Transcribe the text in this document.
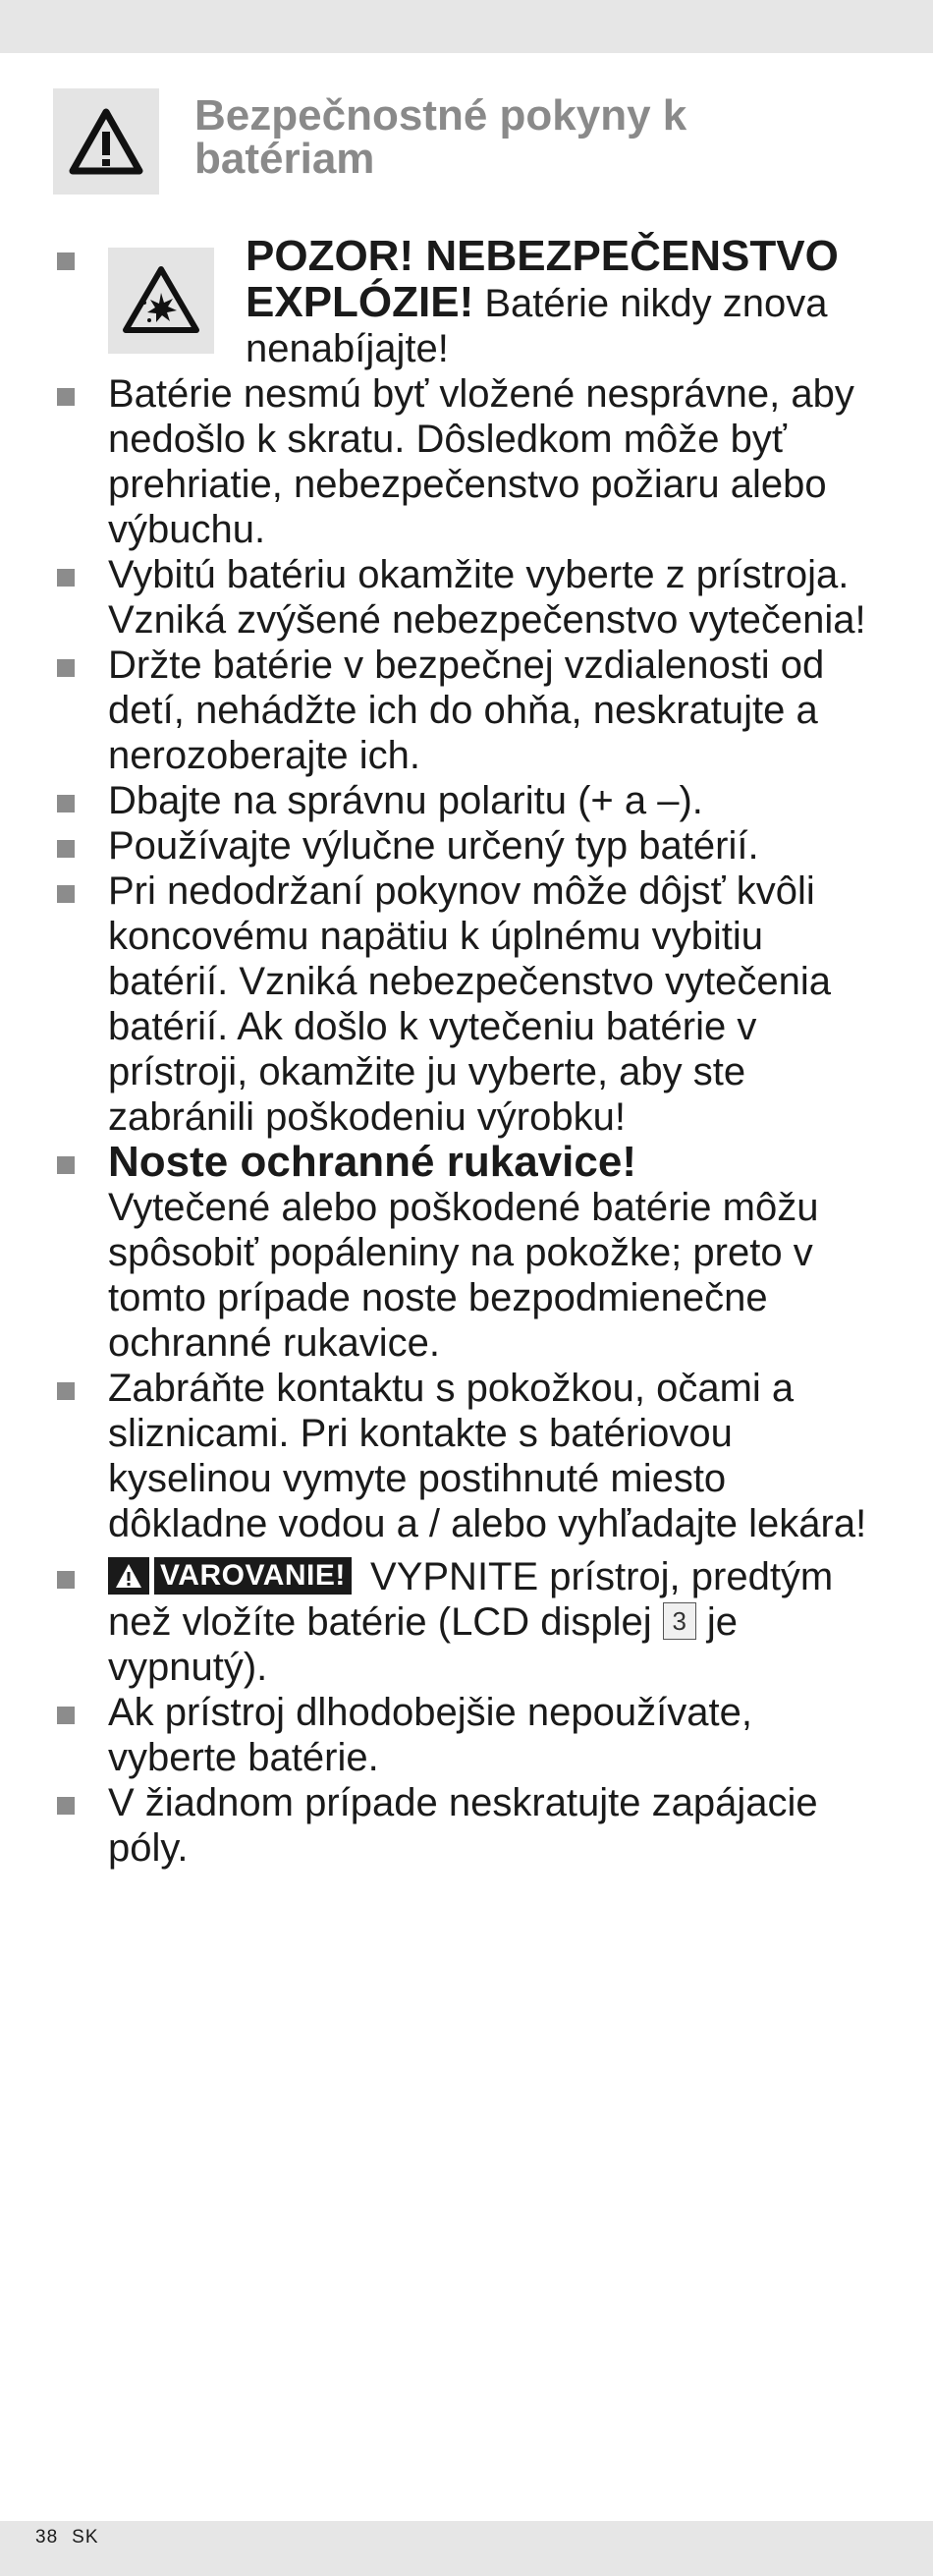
Bezpečnostné pokyny k batériam
POZOR! NEBEZPEČENSTVO EXPLÓZIE! Batérie nikdy znova nenabíjajte!
Batérie nesmú byť vložené nesprávne, aby nedošlo k skratu. Dôsledkom môže byť prehriatie, nebezpečenstvo požiaru alebo výbuchu.
Vybitú batériu okamžite vyberte z prístroja. Vzniká zvýšené nebezpečenstvo vytečenia!
Držte batérie v bezpečnej vzdialenosti od detí, nehádžte ich do ohňa, neskratujte a nerozoberajte ich.
Dbajte na správnu polaritu (+ a –).
Používajte výlučne určený typ batérií.
Pri nedodržaní pokynov môže dôjsť kvôli koncovému napätiu k úplnému vybitiu batérií. Vzniká nebezpečenstvo vytečenia batérií. Ak došlo k vytečeniu batérie v prístroji, okamžite ju vyberte, aby ste zabránili poškodeniu výrobku!
Noste ochranné rukavice!
Vytečené alebo poškodené batérie môžu spôsobiť popáleniny na pokožke; preto v tomto prípade noste bezpodmienečne ochranné rukavice.
Zabráňte kontaktu s pokožkou, očami a sliznicami. Pri kontakte s batériovou kyselinou vymyte postihnuté miesto dôkladne vodou a / alebo vyhľadajte lekára!
VAROVANIE! VYPNITE prístroj, predtým než vložíte batérie (LCD displej 3 je vypnutý).
Ak prístroj dlhodobejšie nepoužívate, vyberte batérie.
V žiadnom prípade neskratujte zapájacie póly.
38 SK
